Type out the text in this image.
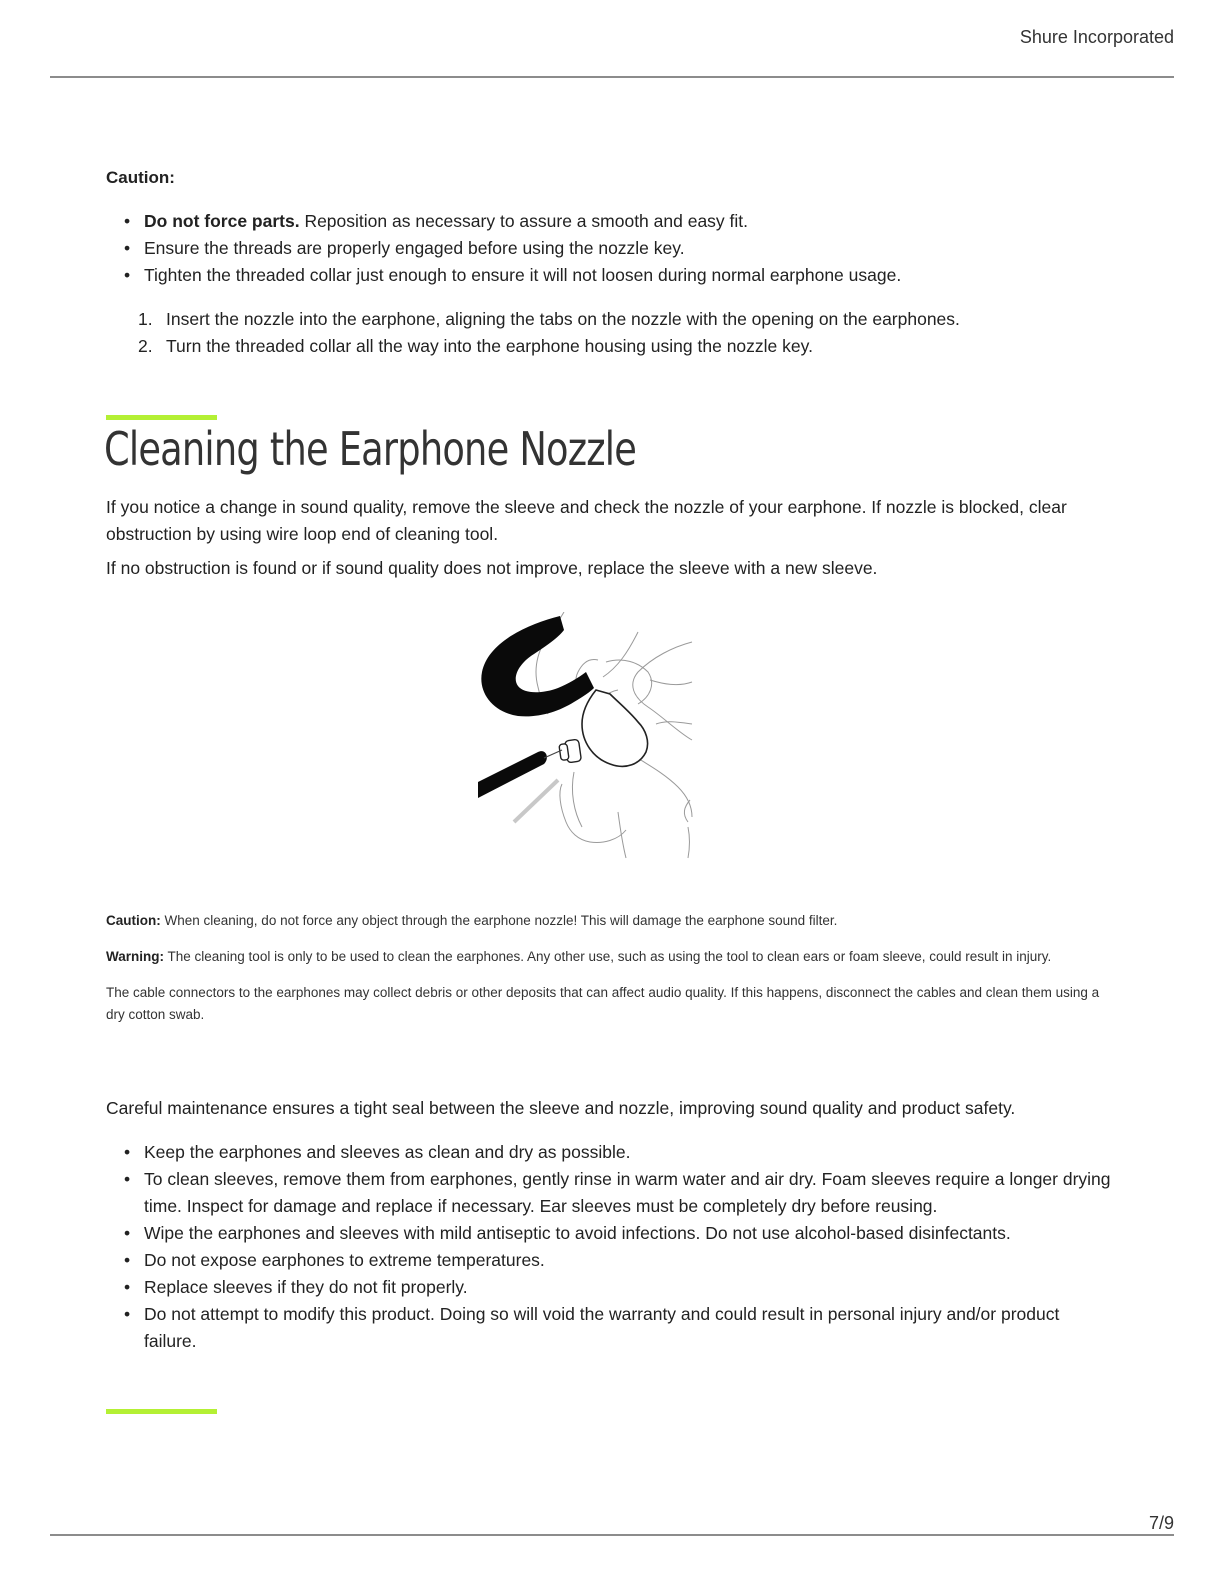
Shure Incorporated
Caution:
• Do not force parts. Reposition as necessary to assure a smooth and easy fit.
• Ensure the threads are properly engaged before using the nozzle key.
• Tighten the threaded collar just enough to ensure it will not loosen during normal earphone usage.
1. Insert the nozzle into the earphone, aligning the tabs on the nozzle with the opening on the earphones.
2. Turn the threaded collar all the way into the earphone housing using the nozzle key.
Cleaning the Earphone Nozzle

If you notice a change in sound quality, remove the sleeve and check the nozzle of your earphone. If nozzle is blocked, clear obstruction by using wire loop end of cleaning tool.

If no obstruction is found or if sound quality does not improve, replace the sleeve with a new sleeve.

Caution: When cleaning, do not force any object through the earphone nozzle! This will damage the earphone sound filter.

Warning: The cleaning tool is only to be used to clean the earphones. Any other use, such as using the tool to clean ears or foam sleeve, could result in injury.

The cable connectors to the earphones may collect debris or other deposits that can affect audio quality. If this happens, disconnect the cables and clean them using a dry cotton swab.

Careful maintenance ensures a tight seal between the sleeve and nozzle, improving sound quality and product safety.

• Keep the earphones and sleeves as clean and dry as possible.
• To clean sleeves, remove them from earphones, gently rinse in warm water and air dry. Foam sleeves require a longer drying time. Inspect for damage and replace if necessary. Ear sleeves must be completely dry before reusing.
• Wipe the earphones and sleeves with mild antiseptic to avoid infections. Do not use alcohol-based disinfectants.
• Do not expose earphones to extreme temperatures.
• Replace sleeves if they do not fit properly.
• Do not attempt to modify this product. Doing so will void the warranty and could result in personal injury and/or product failure.
7/9
